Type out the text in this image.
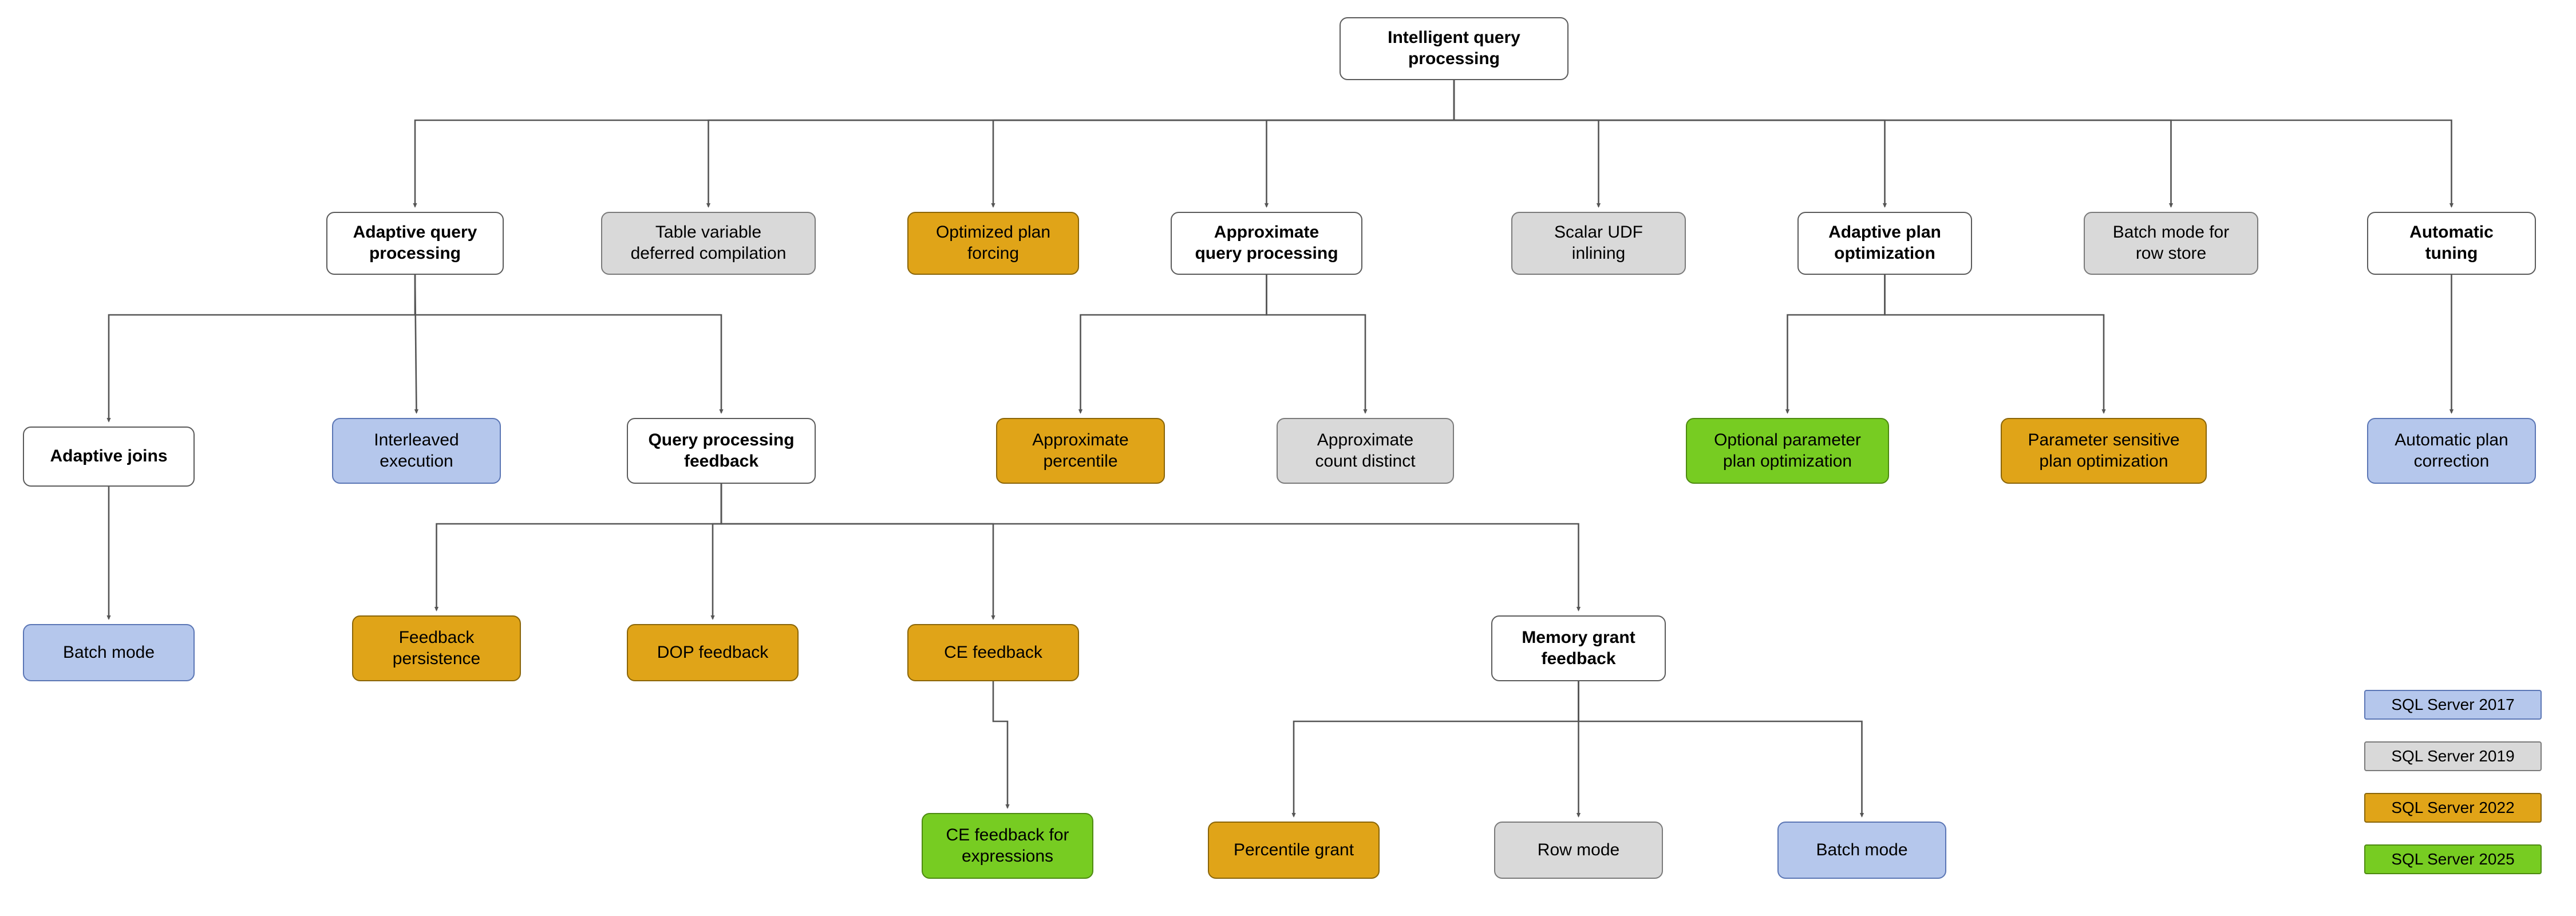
Intelligent query
processing
Adaptive query
processing
Table variable
deferred compilation
Optimized plan
forcing
Approximate
query processing
Scalar UDF
inlining
Adaptive plan
optimization
Batch mode for
row store
Automatic
tuning
Adaptive joins
Interleaved
execution
Query processing
feedback
Approximate
percentile
Approximate
count distinct
Optional parameter
plan optimization
Parameter sensitive
plan optimization
Automatic plan
correction
Batch mode
Feedback
persistence	DOP feedback	CE feedback
Memory grant
feedback
CE feedback for
expressions	Percentile grant	Row mode	Batch mode
SQL Server 2017
SQL Server 2019
SQL Server 2022
SQL Server 2025
